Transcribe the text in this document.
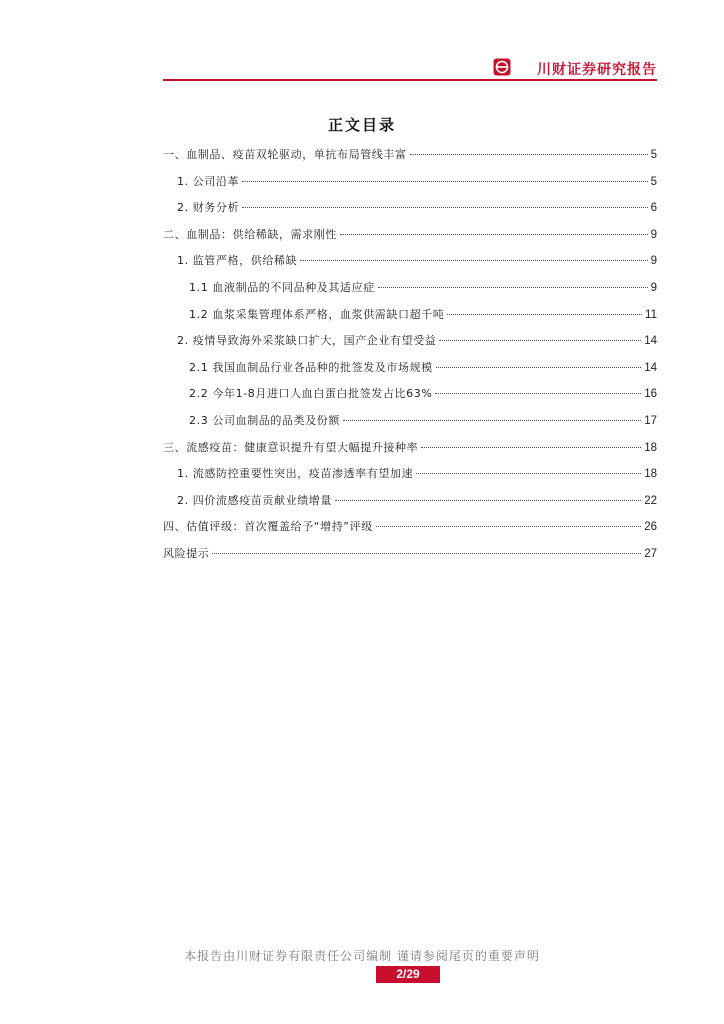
川财证券研究报告
正文目录
一、血制品、疫苗双轮驱动，单抗布局管线丰富	5
1. 公司沿革	5
2. 财务分析	6
二、血制品：供给稀缺，需求刚性	9
1. 监管严格，供给稀缺	9
1.1 血液制品的不同品种及其适应症	9
1.2 血浆采集管理体系严格，血浆供需缺口超千吨	11
2. 疫情导致海外采浆缺口扩大，国产企业有望受益	14
2.1 我国血制品行业各品种的批签发及市场规模	14
2.2 今年1-8月进口人血白蛋白批签发占比63%	16
2.3 公司血制品的品类及份额	17
三、流感疫苗：健康意识提升有望大幅提升接种率	18
1. 流感防控重要性突出，疫苗渗透率有望加速	18
2. 四价流感疫苗贡献业绩增量	22
四、估值评级：首次覆盖给予“增持”评级	26
风险提示	27
本报告由川财证券有限责任公司编制 谨请参阅尾页的重要声明
2/29
